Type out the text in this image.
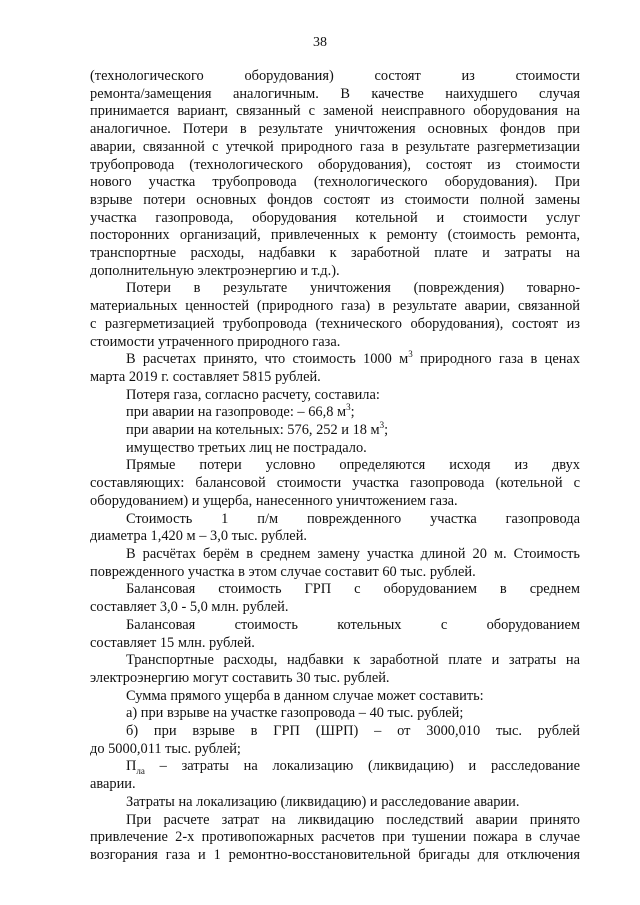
38
(технологического оборудования) состоят из стоимости
ремонта/замещения аналогичным. В качестве наихудшего случая
принимается вариант, связанный с заменой неисправного оборудования на
аналогичное. Потери в результате уничтожения основных фондов при
аварии, связанной с утечкой природного газа в результате разгерметизации
трубопровода (технологического оборудования), состоят из стоимости
нового участка трубопровода (технологического оборудования). При
взрыве потери основных фондов состоят из стоимости полной замены
участка газопровода, оборудования котельной и стоимости услуг
посторонних организаций, привлеченных к ремонту (стоимость ремонта,
транспортные расходы, надбавки к заработной плате и затраты на
дополнительную электроэнергию и т.д.).
Потери в результате уничтожения (повреждения) товарно-
материальных ценностей (природного газа) в результате аварии, связанной
с разгерметизацией трубопровода (технического оборудования), состоят из
стоимости утраченного природного газа.
В расчетах принято, что стоимость 1000 $м^3$ природного газа в ценах
марта 2019 г. составляет 5815 рублей.
Потеря газа, согласно расчету, составила:
при аварии на газопроводе: – 66,8 $м^3$;
при аварии на котельных: 576, 252 и 18 $м^3$;
имущество третьих лиц не пострадало.
Прямые потери условно определяются исходя из двух
составляющих: балансовой стоимости участка газопровода (котельной с
оборудованием) и ущерба, нанесенного уничтожением газа.
Стоимость 1 п/м поврежденного участка газопровода
диаметра 1,420 м – 3,0 тыс. рублей.
В расчётах берём в среднем замену участка длиной 20 м. Стоимость
поврежденного участка в этом случае составит 60 тыс. рублей.
Балансовая стоимость ГРП с оборудованием в среднем
составляет 3,0 - 5,0 млн. рублей.
Балансовая стоимость котельных с оборудованием
составляет 15 млн. рублей.
Транспортные расходы, надбавки к заработной плате и затраты на
электроэнергию могут составить 30 тыс. рублей.
Сумма прямого ущерба в данном случае может составить:
а) при взрыве на участке газопровода – 40 тыс. рублей;
б) при взрыве в ГРП (ШРП) – от 3000,010 тыс. рублей
до 5000,011 тыс. рублей;
$П_{ла}$ – затраты на локализацию (ликвидацию) и расследование
аварии.
Затраты на локализацию (ликвидацию) и расследование аварии.
При расчете затрат на ликвидацию последствий аварии принято
привлечение 2-х противопожарных расчетов при тушении пожара в случае
возгорания газа и 1 ремонтно-восстановительной бригады для отключения
